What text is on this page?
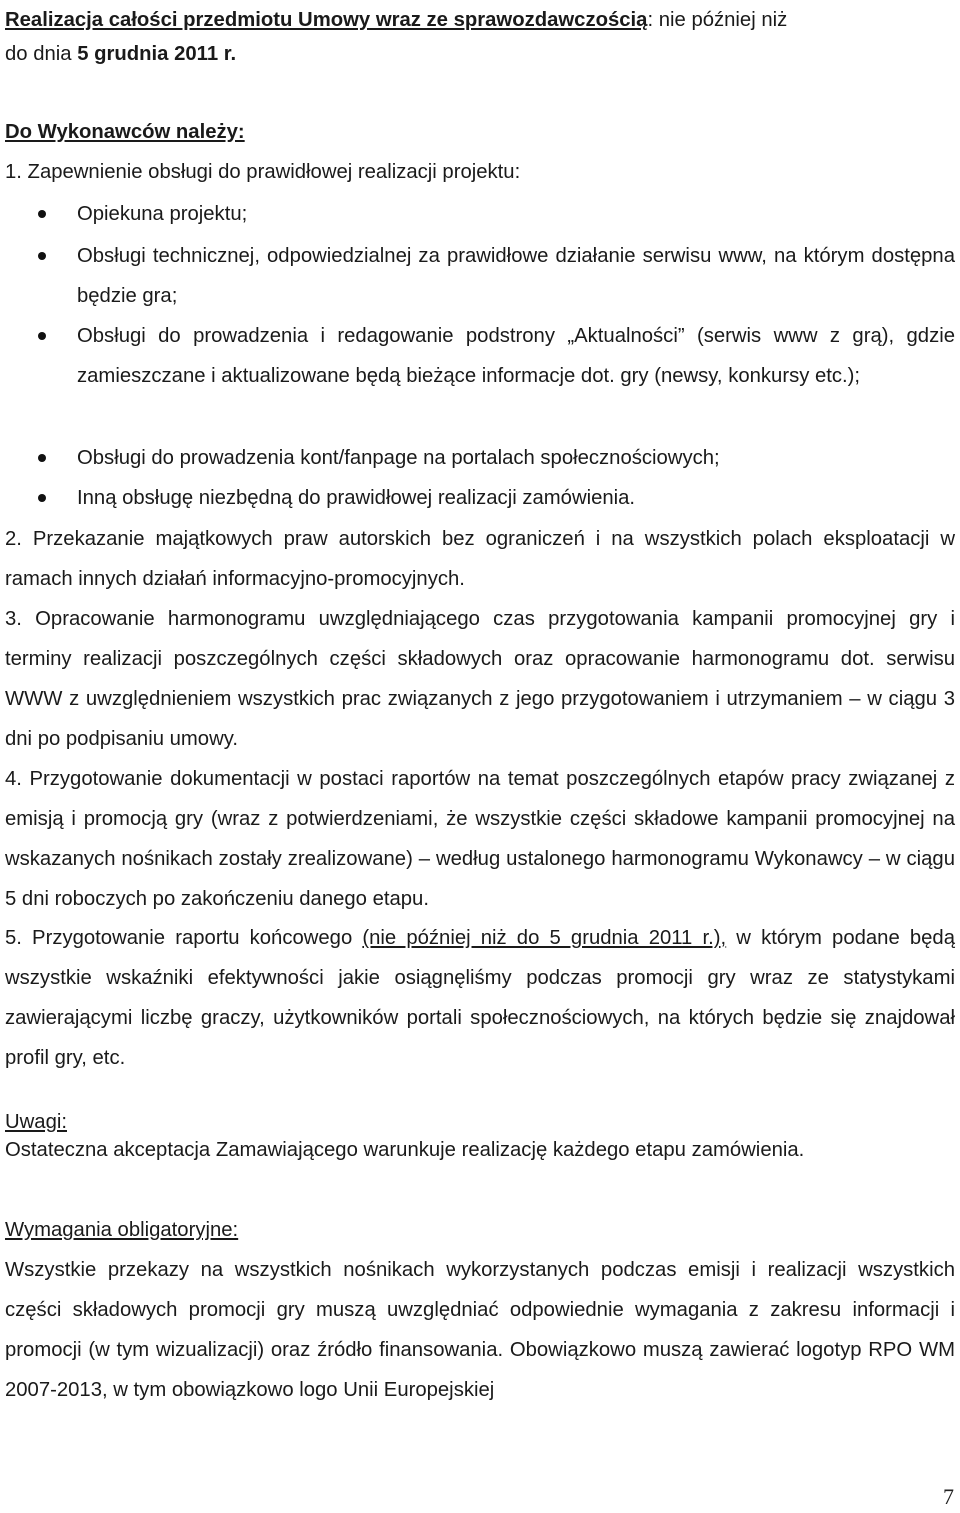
Realizacja całości przedmiotu Umowy wraz ze sprawozdawczością: nie później niż
do dnia 5 grudnia 2011 r.
Do Wykonawców należy:
1. Zapewnienie obsługi do prawidłowej realizacji projektu:
Opiekuna projektu;
Obsługi technicznej, odpowiedzialnej za prawidłowe działanie serwisu www, na którym dostępna będzie gra;
Obsługi do prowadzenia i redagowanie podstrony „Aktualności” (serwis www z grą), gdzie zamieszczane i aktualizowane będą bieżące informacje dot. gry (newsy, konkursy etc.);
Obsługi do prowadzenia kont/fanpage na portalach społecznościowych;
Inną obsługę niezbędną do prawidłowej realizacji zamówienia.

2. Przekazanie majątkowych praw autorskich bez ograniczeń i na wszystkich polach eksploatacji w ramach innych działań informacyjno-promocyjnych.

3. Opracowanie harmonogramu uwzględniającego czas przygotowania kampanii promocyjnej gry i terminy realizacji poszczególnych części składowych oraz opracowanie harmonogramu dot. serwisu WWW z uwzględnieniem wszystkich prac związanych z jego przygotowaniem i utrzymaniem – w ciągu 3 dni po podpisaniu umowy.

4. Przygotowanie dokumentacji w postaci raportów na temat poszczególnych etapów pracy związanej z emisją i promocją gry (wraz z potwierdzeniami, że wszystkie części składowe kampanii promocyjnej na wskazanych nośnikach zostały zrealizowane) – według ustalonego harmonogramu Wykonawcy – w ciągu 5 dni roboczych po zakończeniu danego etapu.

5. Przygotowanie raportu końcowego (nie później niż do 5 grudnia 2011 r.), w którym podane będą wszystkie wskaźniki efektywności jakie osiągnęliśmy podczas promocji gry wraz ze statystykami zawierającymi liczbę graczy, użytkowników portali społecznościowych, na których będzie się znajdował profil gry, etc.

Uwagi:
Ostateczna akceptacja Zamawiającego warunkuje realizację każdego etapu zamówienia.
Wymagania obligatoryjne:

Wszystkie przekazy na wszystkich nośnikach wykorzystanych podczas emisji i realizacji wszystkich części składowych promocji gry muszą uwzględniać odpowiednie wymagania z zakresu informacji i promocji (w tym wizualizacji) oraz źródło finansowania. Obowiązkowo muszą zawierać logotyp RPO WM 2007-2013, w tym obowiązkowo logo Unii Europejskiej

7
